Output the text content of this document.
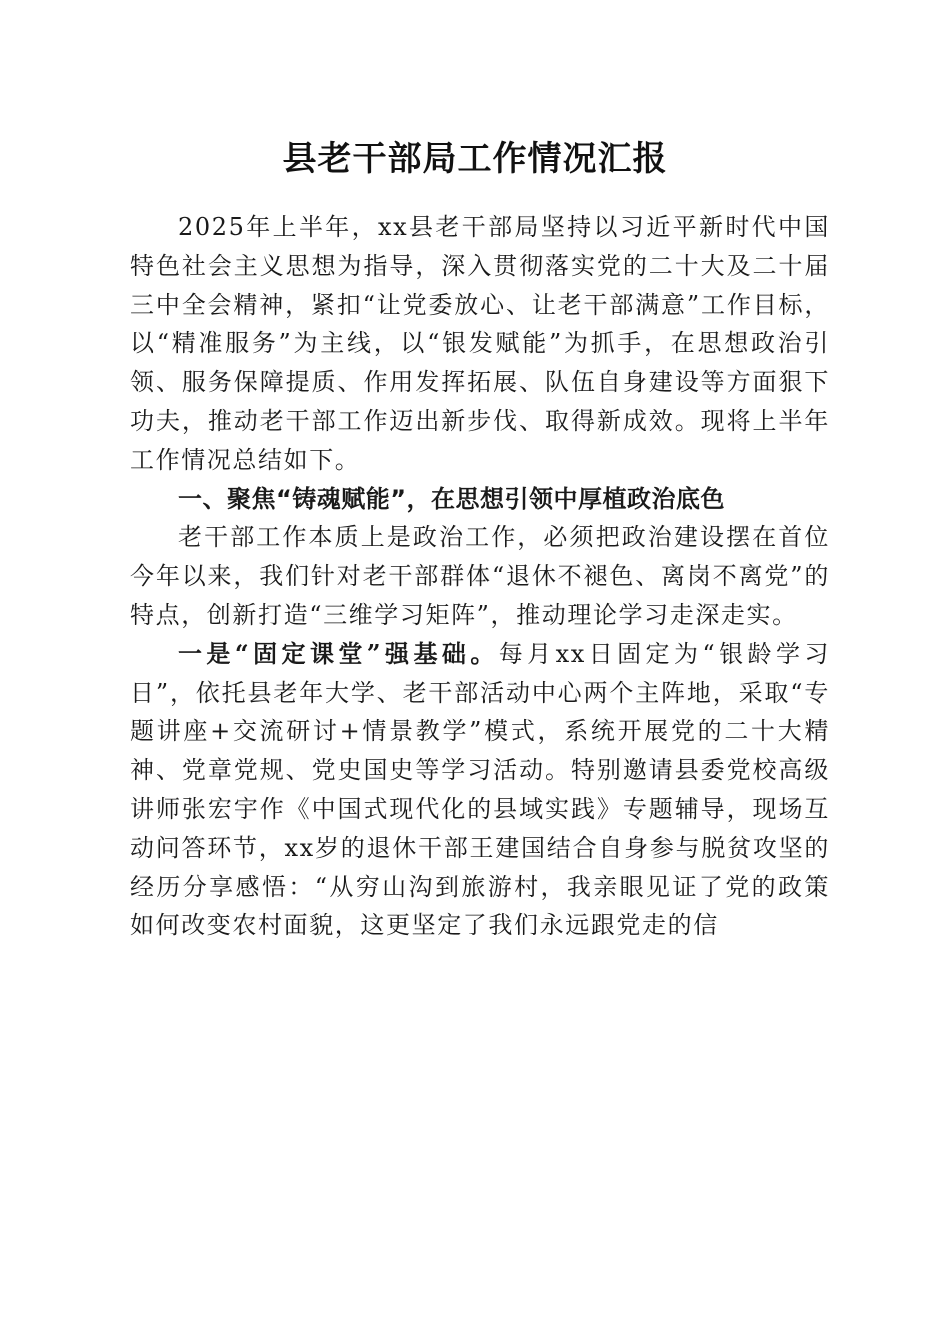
县老干部局工作情况汇报

2025年上半年，xx县老干部局坚持以习近平新时代中国特色社会主义思想为指导，深入贯彻落实党的二十大及二十届三中全会精神，紧扣“让党委放心、让老干部满意”工作目标，以“精准服务”为主线，以“银发赋能”为抓手，在思想政治引领、服务保障提质、作用发挥拓展、队伍自身建设等方面狠下功夫，推动老干部工作迈出新步伐、取得新成效。现将上半年工作情况总结如下。

一、聚焦“铸魂赋能”，在思想引领中厚植政治底色

老干部工作本质上是政治工作，必须把政治建设摆在首位今年以来，我们针对老干部群体“退休不褪色、离岗不离党”的特点，创新打造“三维学习矩阵”，推动理论学习走深走实。

一是“固定课堂”强基础。每月xx日固定为“银龄学习日”，依托县老年大学、老干部活动中心两个主阵地，采取“专题讲座+交流研讨+情景教学”模式，系统开展党的二十大精神、党章党规、党史国史等学习活动。特别邀请县委党校高级讲师张宏宇作《中国式现代化的县域实践》专题辅导，现场互动问答环节，xx岁的退休干部王建国结合自身参与脱贫攻坚的经历分享感悟：“从穷山沟到旅游村，我亲眼见证了党的政策如何改变农村面貌，这更坚定了我们永远跟党走的信
